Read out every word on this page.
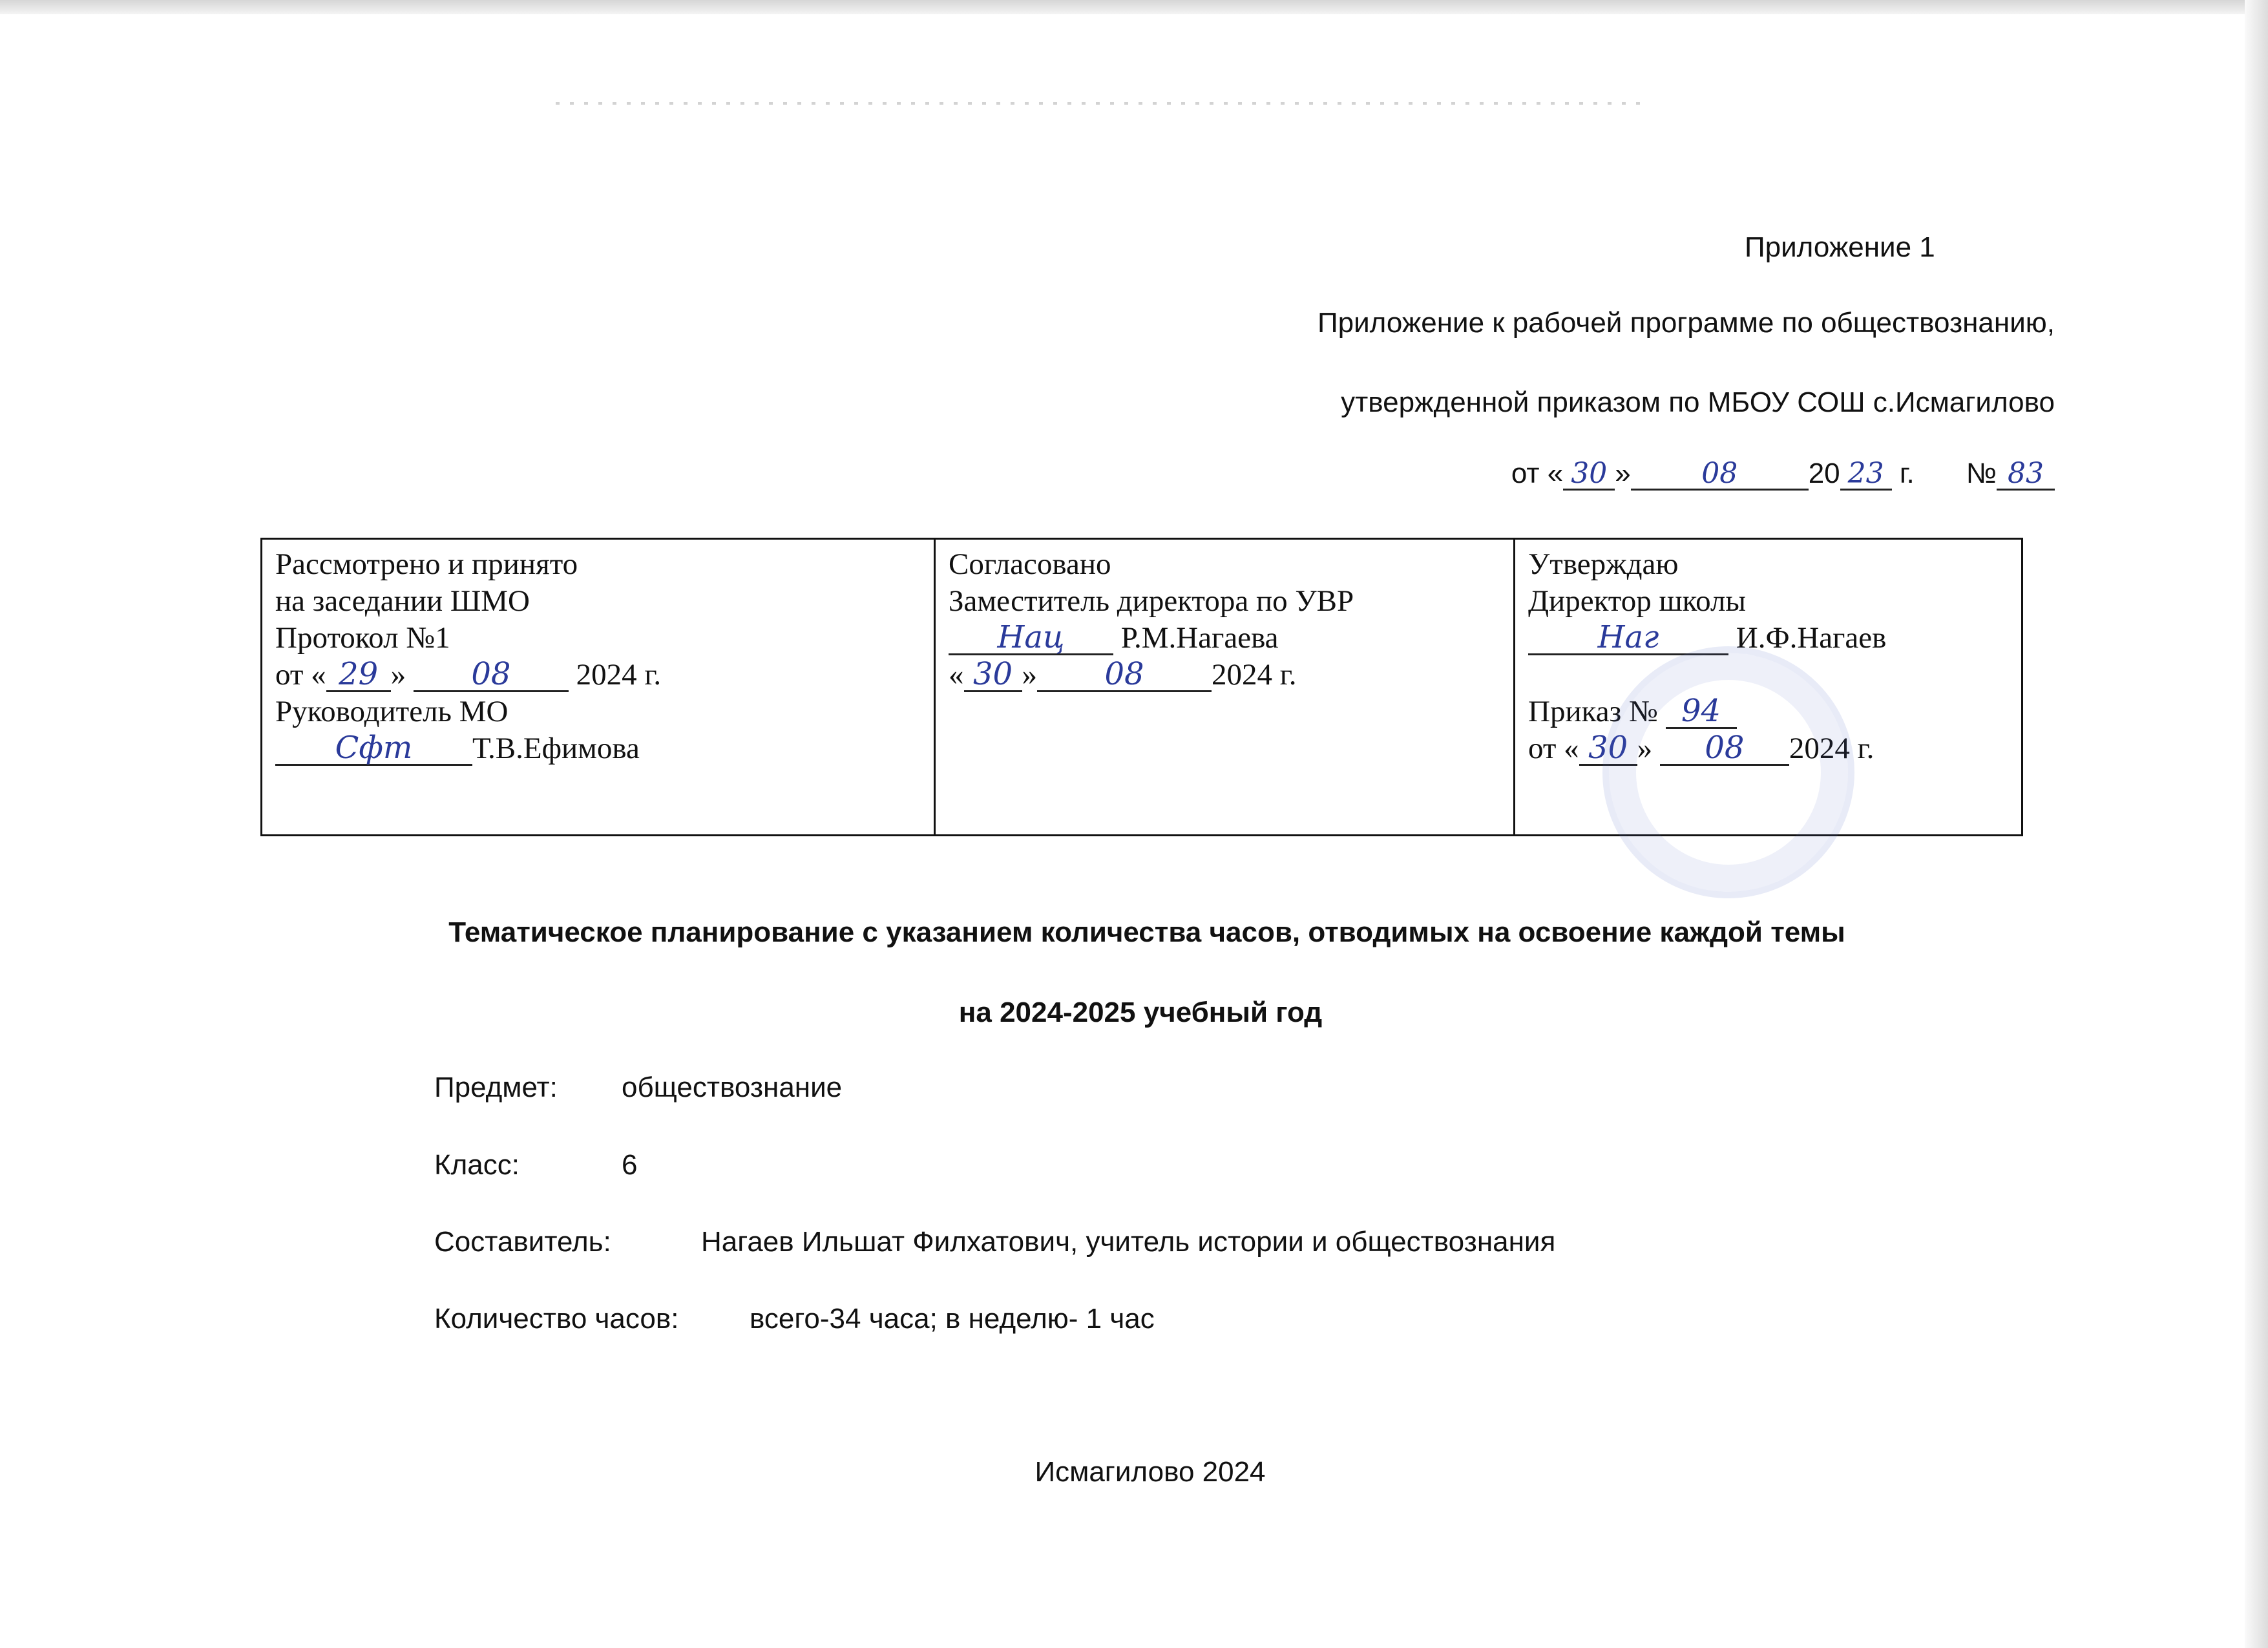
Приложение 1
Приложение к рабочей программе по обществознанию,
утвержденной приказом по МБОУ СОШ с.Исмагилово
от « 30 » 08 20 23 г. № 83
Рассмотрено и принято
на заседании ШМО
Протокол №1
от « 29 » 08 2024 г.
Руководитель МО
Сфт Т.В.Ефимова
Согласовано
Заместитель директора по УВР
Нац Р.М.Нагаева
« 30 » 08 2024 г.
Утверждаю
Директор школы
Наг И.Ф.Нагаев
Приказ № 94
от « 30 » 08 2024 г.
Тематическое планирование с указанием количества часов, отводимых на освоение каждой темы
на 2024-2025 учебный год
Предмет: обществознание
Класс:	6
Составитель:	Нагаев Ильшат Филхатович, учитель истории и обществознания
Количество часов: всего-34 часа; в неделю- 1 час
Исмагилово 2024
